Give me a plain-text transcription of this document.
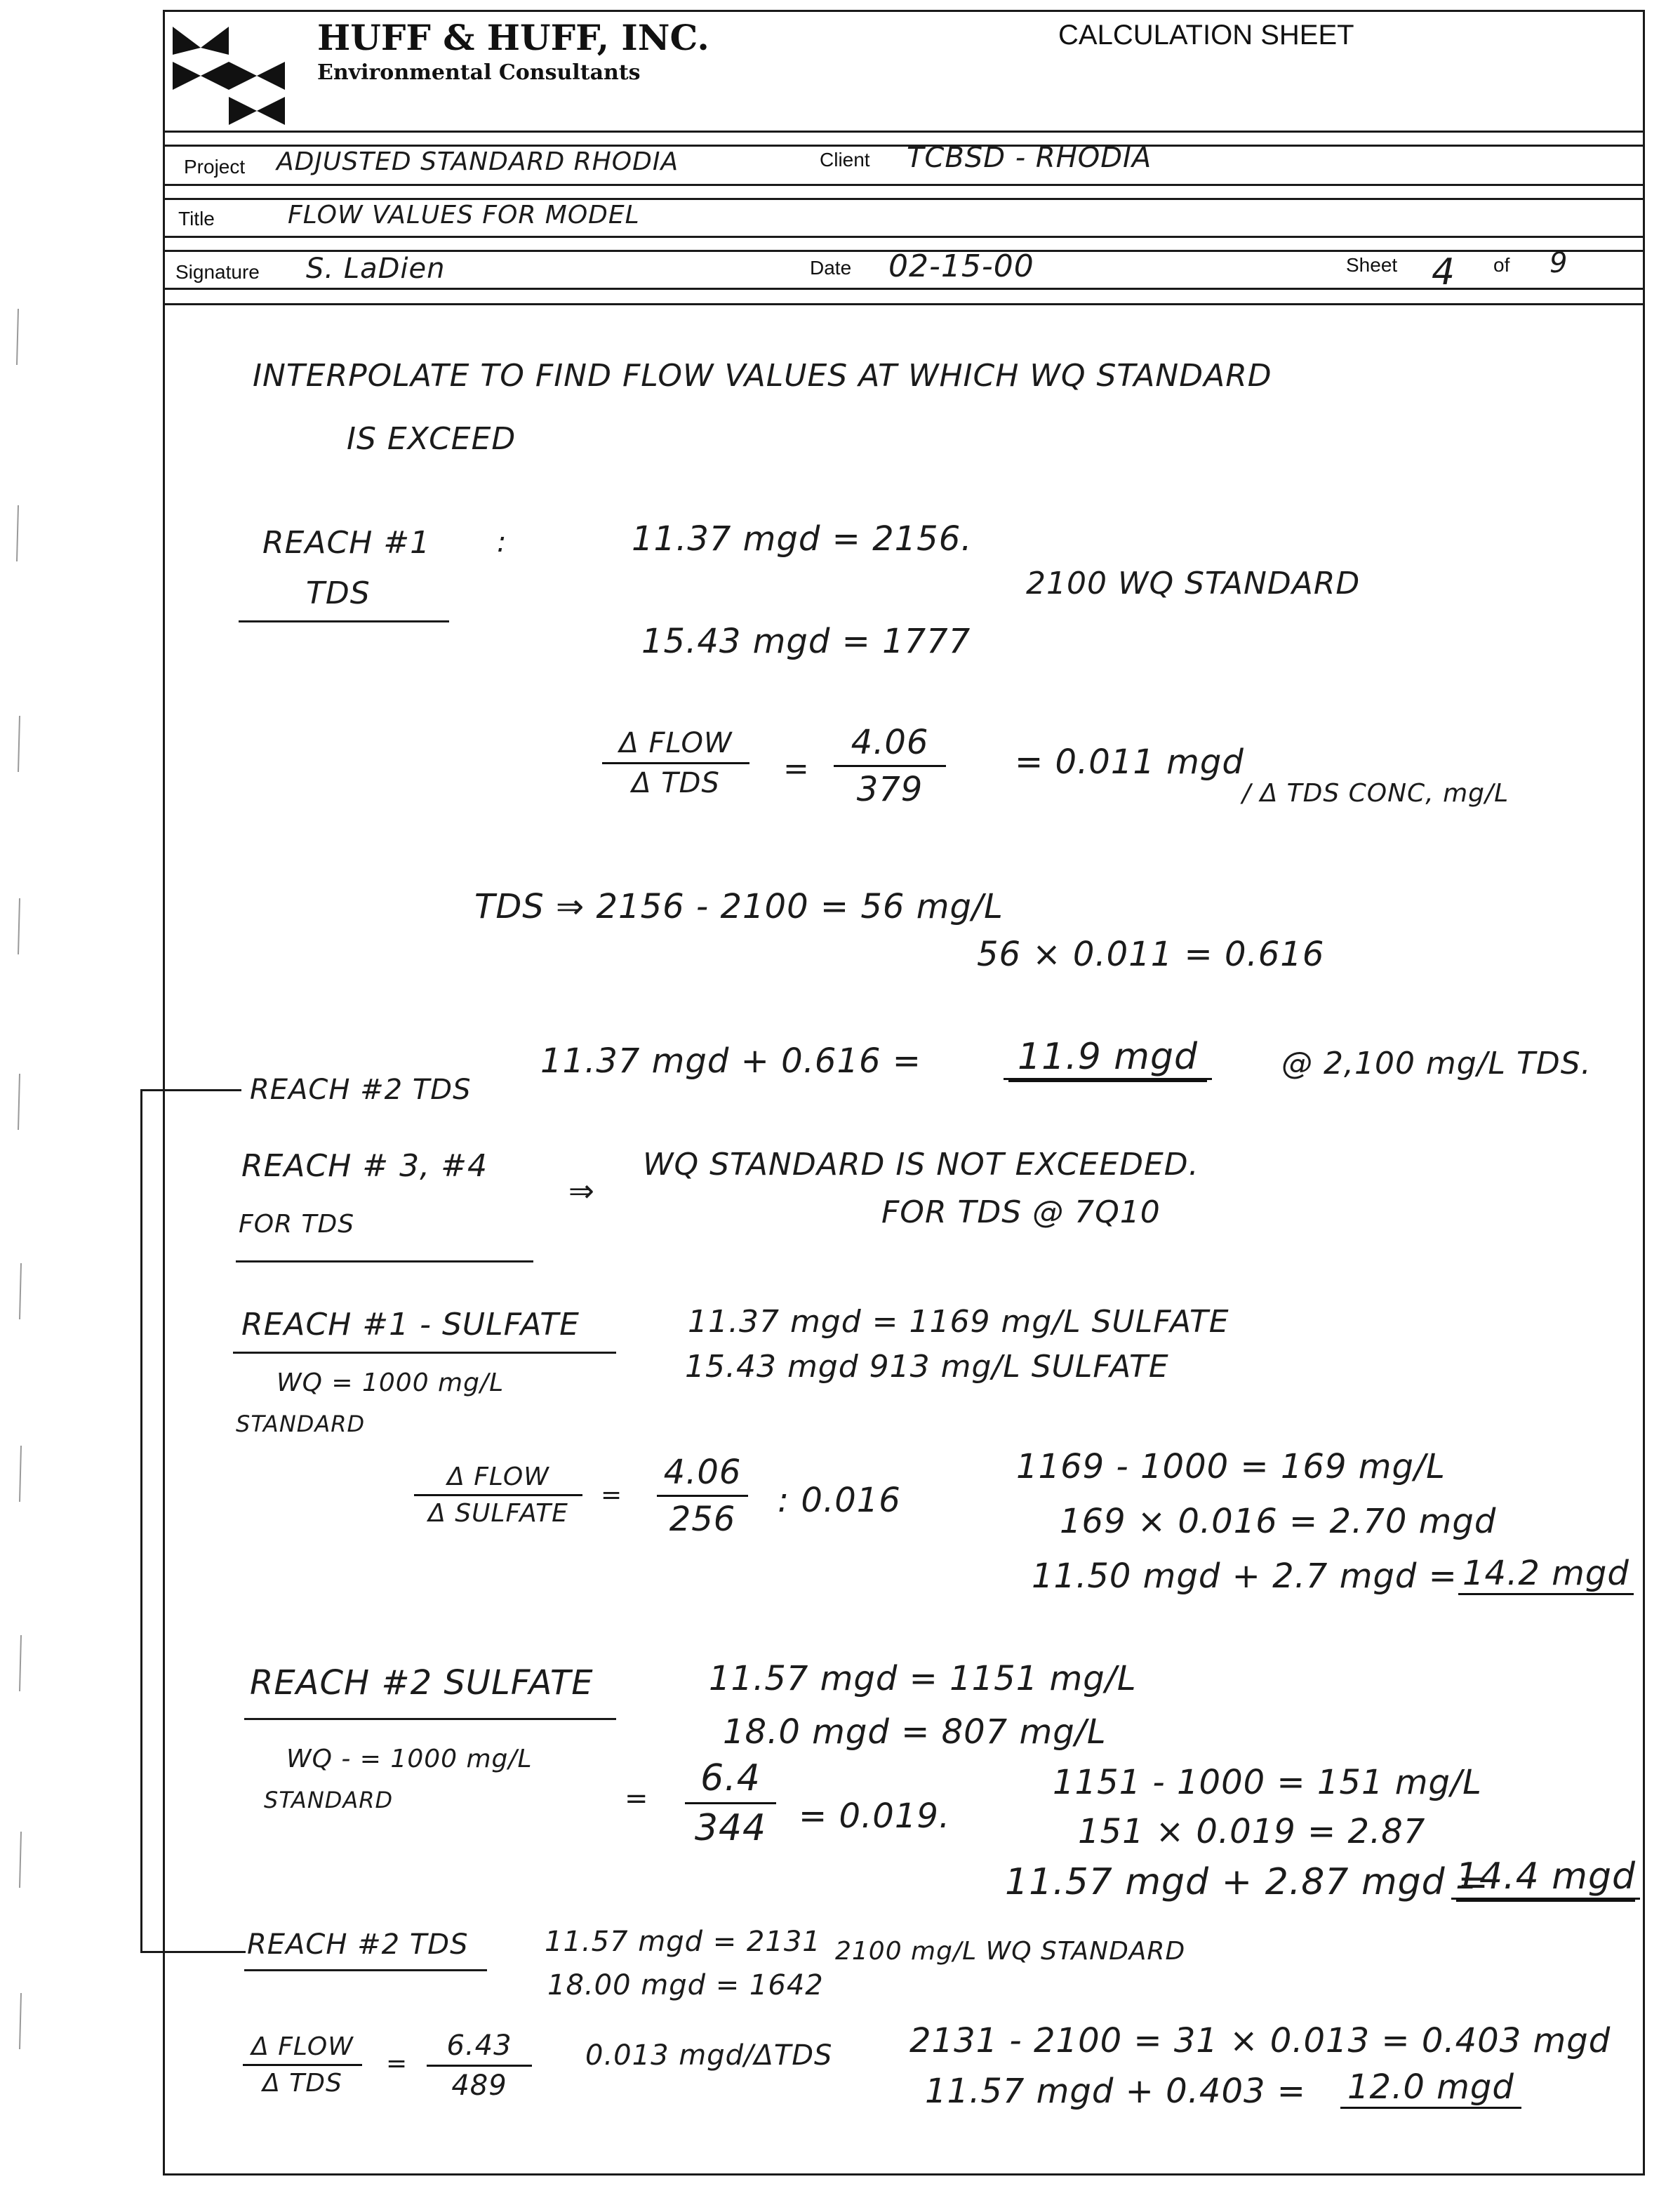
HUFF & HUFF, INC.
Environmental Consultants
CALCULATION SHEET
Project ADJUSTED STANDARD RHODIA	Client TCBSD - RHODIA
Title	FLOW VALUES FOR MODEL
Signature S. LaDien	Date 02-15-00	Sheet 4 of 9
INTERPOLATE TO FIND FLOW VALUES AT WHICH WQ STANDARD
IS EXCEED
REACH #1
TDS
:	11.37 mgd = 2156.
2100 WQ STANDARD
15.43 mgd = 1777
Δ FLOW
Δ TDS	=
4.06
379
= 0.011 mgd
/ Δ TDS CONC, mg/L
TDS ⇒ 2156 - 2100 = 56 mg/L
56 × 0.011 = 0.616
11.37 mgd + 0.616 =	11.9 mgd	@ 2,100 mg/L TDS.
REACH #2 TDS
REACH # 3, #4
FOR TDS
⇒
WQ STANDARD IS NOT EXCEEDED.
FOR TDS @ 7Q10
REACH #1 - SULFATE
WQ = 1000 mg/L
STANDARD
11.37 mgd = 1169 mg/L SULFATE
15.43 mgd 913 mg/L SULFATE
Δ FLOW
Δ SULFATE
=
4.06
256	: 0.016
1169 - 1000 = 169 mg/L
169 × 0.016 = 2.70 mgd
11.50 mgd + 2.7 mgd = 14.2 mgd
REACH #2 SULFATE
WQ - = 1000 mg/L
STANDARD
11.57 mgd = 1151 mg/L
18.0 mgd = 807 mg/L
=	6.4
344 = 0.019.
1151 - 1000 = 151 mg/L
151 × 0.019 = 2.87
11.57 mgd + 2.87 mgd =
14.4 mgd
REACH #2 TDS	11.57 mgd = 2131
18.00 mgd = 1642
2100 mg/L WQ STANDARD
Δ FLOW
Δ TDS
=
6.43
489
0.013 mgd/ΔTDS 2131 - 2100 = 31 × 0.013 = 0.403 mgd
11.57 mgd + 0.403 = 12.0 mgd
